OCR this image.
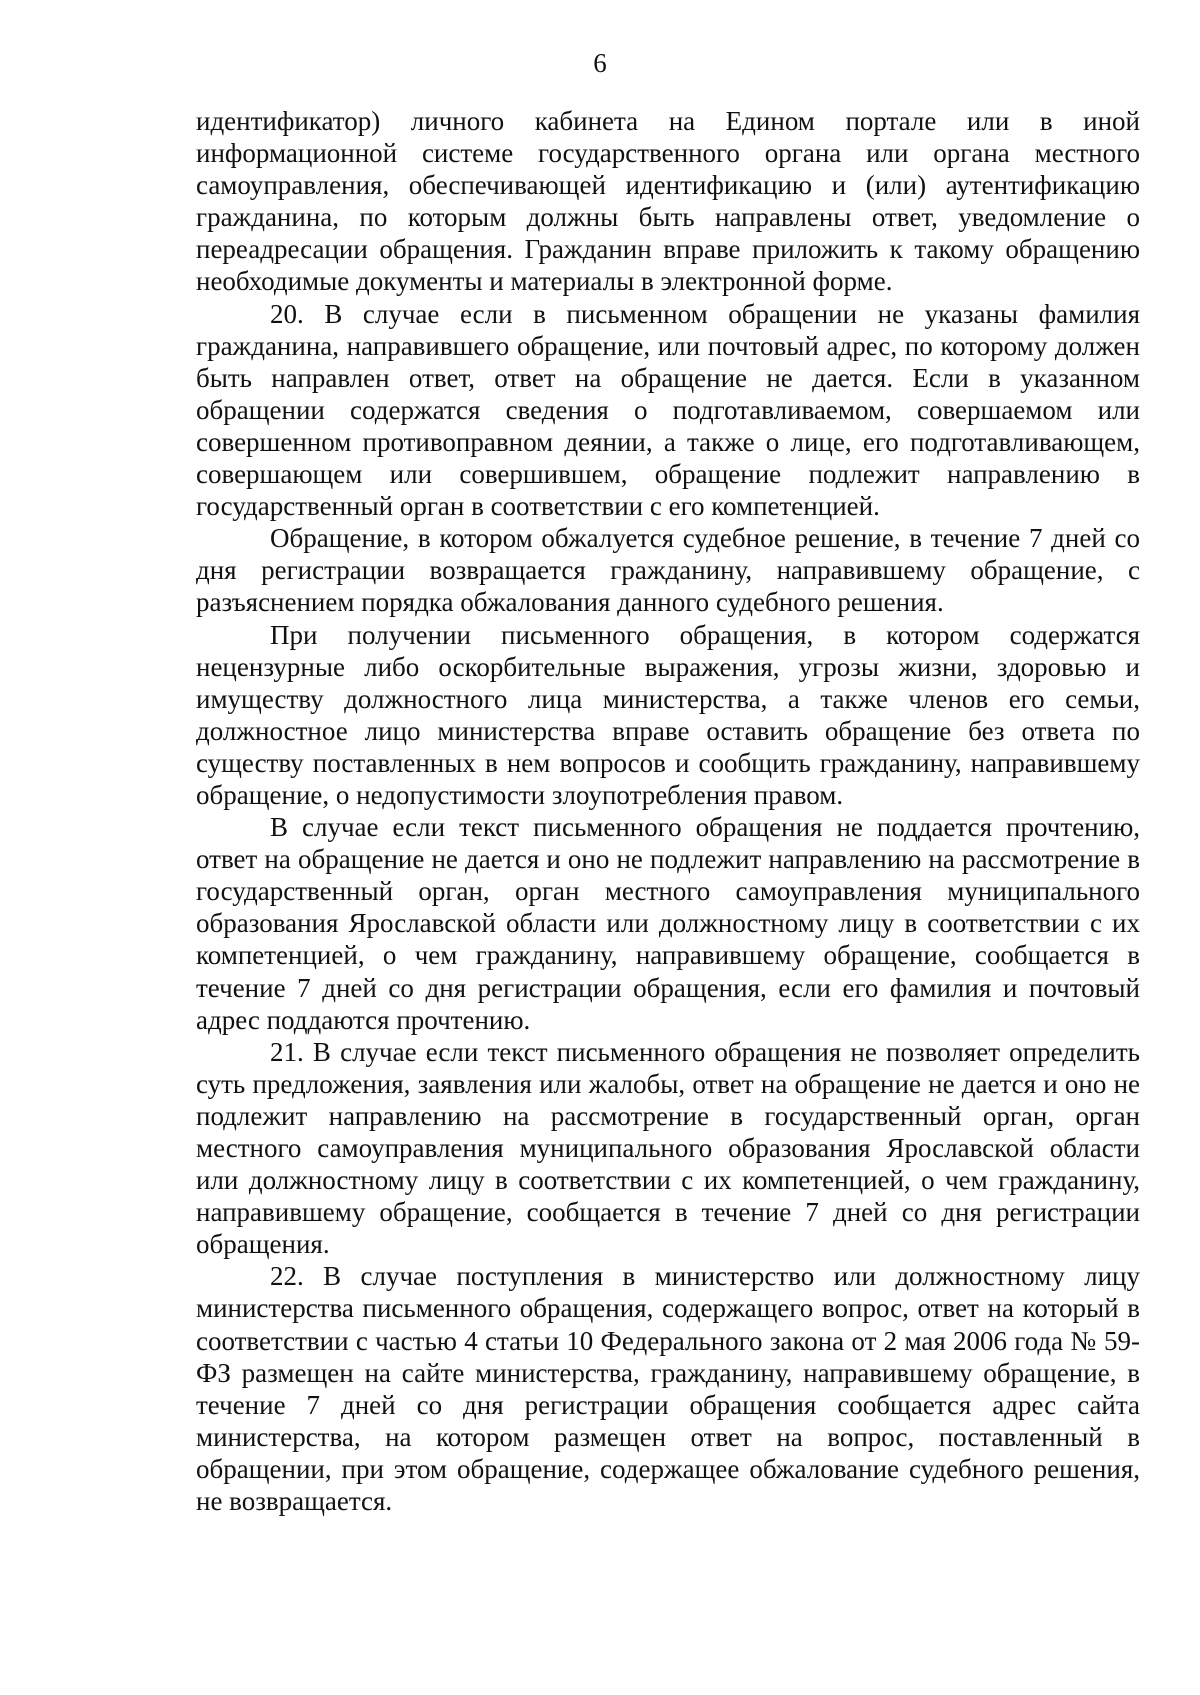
6

идентификатор) личного кабинета на Едином портале или в иной информационной системе государственного органа или органа местного самоуправления, обеспечивающей идентификацию и (или) аутентификацию гражданина, по которым должны быть направлены ответ, уведомление о переадресации обращения. Гражданин вправе приложить к такому обращению необходимые документы и материалы в электронной форме.

20. В случае если в письменном обращении не указаны фамилия гражданина, направившего обращение, или почтовый адрес, по которому должен быть направлен ответ, ответ на обращение не дается. Если в указанном обращении содержатся сведения о подготавливаемом, совершаемом или совершенном противоправном деянии, а также о лице, его подготавливающем, совершающем или совершившем, обращение подлежит направлению в государственный орган в соответствии с его компетенцией.

Обращение, в котором обжалуется судебное решение, в течение 7 дней со дня регистрации возвращается гражданину, направившему обращение, с разъяснением порядка обжалования данного судебного решения.

При получении письменного обращения, в котором содержатся нецензурные либо оскорбительные выражения, угрозы жизни, здоровью и имуществу должностного лица министерства, а также членов его семьи, должностное лицо министерства вправе оставить обращение без ответа по существу поставленных в нем вопросов и сообщить гражданину, направившему обращение, о недопустимости злоупотребления правом.

В случае если текст письменного обращения не поддается прочтению, ответ на обращение не дается и оно не подлежит направлению на рассмотрение в государственный орган, орган местного самоуправления муниципального образования Ярославской области или должностному лицу в соответствии с их компетенцией, о чем гражданину, направившему обращение, сообщается в течение 7 дней со дня регистрации обращения, если его фамилия и почтовый адрес поддаются прочтению.

21. В случае если текст письменного обращения не позволяет определить суть предложения, заявления или жалобы, ответ на обращение не дается и оно не подлежит направлению на рассмотрение в государственный орган, орган местного самоуправления муниципального образования Ярославской области или должностному лицу в соответствии с их компетенцией, о чем гражданину, направившему обращение, сообщается в течение 7 дней со дня регистрации обращения.

22. В случае поступления в министерство или должностному лицу министерства письменного обращения, содержащего вопрос, ответ на который в соответствии с частью 4 статьи 10 Федерального закона от 2 мая 2006 года № 59-ФЗ размещен на сайте министерства, гражданину, направившему обращение, в течение 7 дней со дня регистрации обращения сообщается адрес сайта министерства, на котором размещен ответ на вопрос, поставленный в обращении, при этом обращение, содержащее обжалование судебного решения, не возвращается.
